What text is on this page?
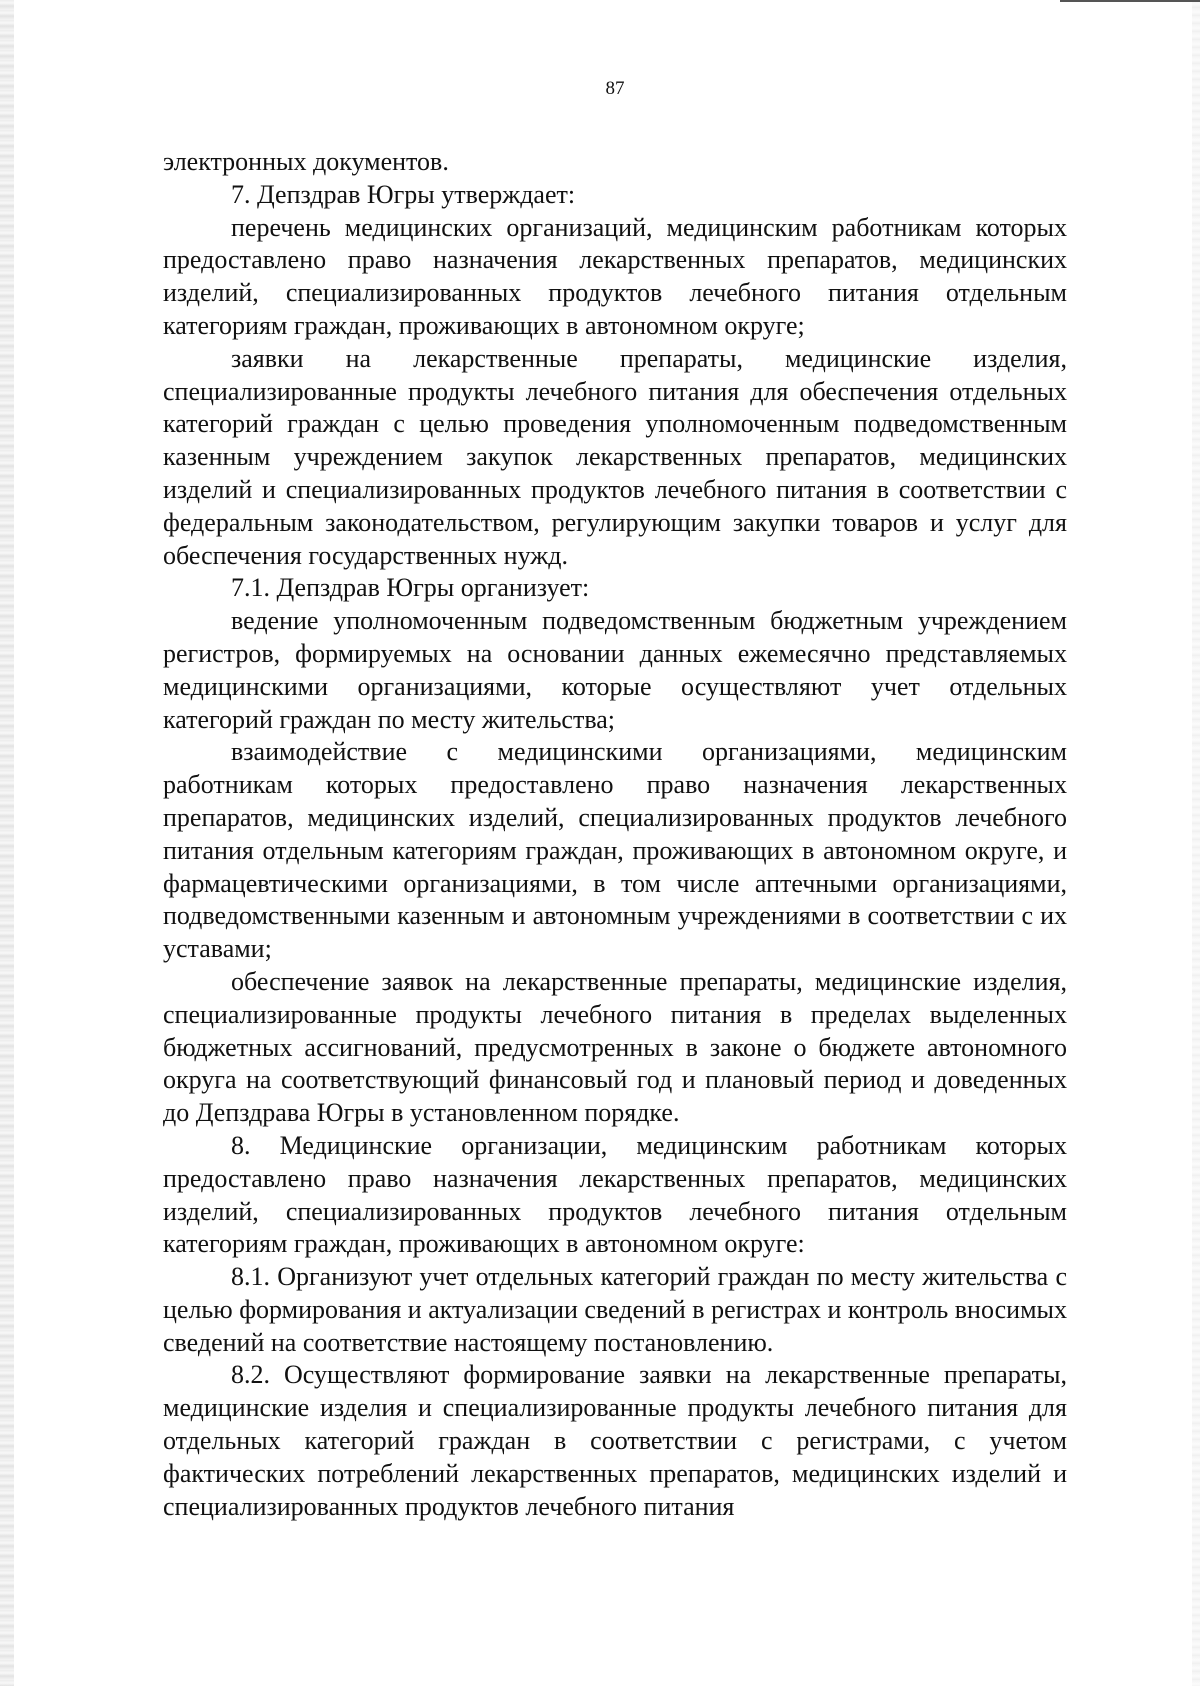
87

электронных документов.

7. Депздрав Югры утверждает:

перечень медицинских организаций, медицинским работникам которых предоставлено право назначения лекарственных препаратов, медицинских изделий, специализированных продуктов лечебного питания отдельным категориям граждан, проживающих в автономном округе;

заявки на лекарственные препараты, медицинские изделия, специализированные продукты лечебного питания для обеспечения отдельных категорий граждан с целью проведения уполномоченным подведомственным казенным учреждением закупок лекарственных препаратов, медицинских изделий и специализированных продуктов лечебного питания в соответствии с федеральным законодательством, регулирующим закупки товаров и услуг для обеспечения государственных нужд.

7.1. Депздрав Югры организует:

ведение уполномоченным подведомственным бюджетным учреждением регистров, формируемых на основании данных ежемесячно представляемых медицинскими организациями, которые осуществляют учет отдельных категорий граждан по месту жительства;

взаимодействие с медицинскими организациями, медицинским работникам которых предоставлено право назначения лекарственных препаратов, медицинских изделий, специализированных продуктов лечебного питания отдельным категориям граждан, проживающих в автономном округе, и фармацевтическими организациями, в том числе аптечными организациями, подведомственными казенным и автономным учреждениями в соответствии с их уставами;

обеспечение заявок на лекарственные препараты, медицинские изделия, специализированные продукты лечебного питания в пределах выделенных бюджетных ассигнований, предусмотренных в законе о бюджете автономного округа на соответствующий финансовый год и плановый период и доведенных до Депздрава Югры в установленном порядке.

8. Медицинские организации, медицинским работникам которых предоставлено право назначения лекарственных препаратов, медицинских изделий, специализированных продуктов лечебного питания отдельным категориям граждан, проживающих в автономном округе:

8.1. Организуют учет отдельных категорий граждан по месту жительства с целью формирования и актуализации сведений в регистрах и контроль вносимых сведений на соответствие настоящему постановлению.

8.2. Осуществляют формирование заявки на лекарственные препараты, медицинские изделия и специализированные продукты лечебного питания для отдельных категорий граждан в соответствии с регистрами, с учетом фактических потреблений лекарственных препаратов, медицинских изделий и специализированных продуктов лечебного питания
